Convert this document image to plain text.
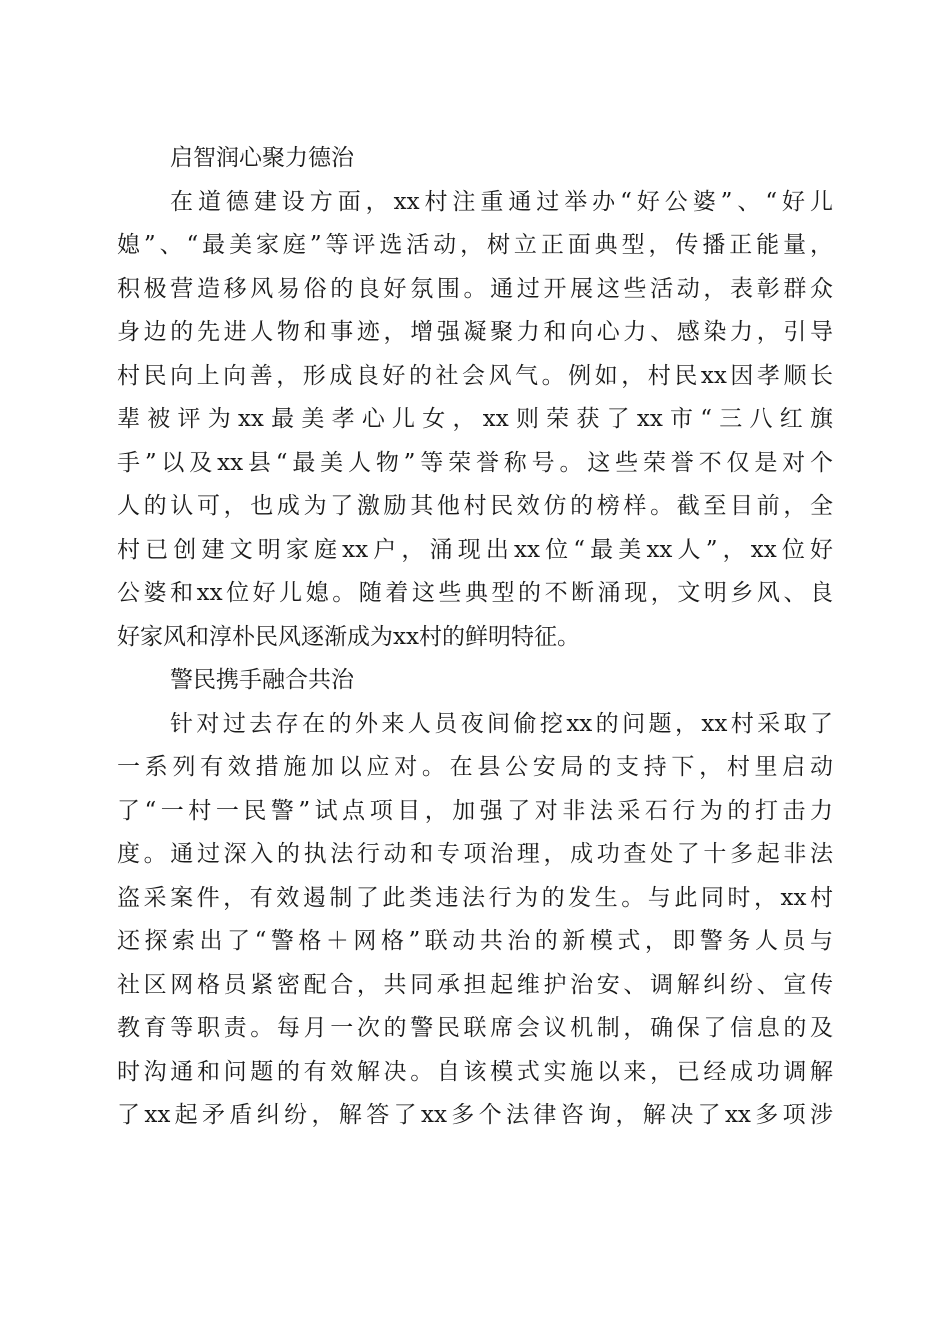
启智润心聚力德治
在道德建设方面，xx村注重通过举办“好公婆”、“好儿
媳”、“最美家庭”等评选活动，树立正面典型，传播正能量，
积极营造移风易俗的良好氛围。通过开展这些活动，表彰群众
身边的先进人物和事迹，增强凝聚力和向心力、感染力，引导
村民向上向善，形成良好的社会风气。例如，村民xx因孝顺长
辈被评为xx最美孝心儿女，xx则荣获了xx市“三八红旗
手”以及xx县“最美人物”等荣誉称号。这些荣誉不仅是对个
人的认可，也成为了激励其他村民效仿的榜样。截至目前，全
村已创建文明家庭xx户，涌现出xx位“最美xx人”，xx位好
公婆和xx位好儿媳。随着这些典型的不断涌现，文明乡风、良
好家风和淳朴民风逐渐成为xx村的鲜明特征。
警民携手融合共治
针对过去存在的外来人员夜间偷挖xx的问题，xx村采取了
一系列有效措施加以应对。在县公安局的支持下，村里启动
了“一村一民警”试点项目，加强了对非法采石行为的打击力
度。通过深入的执法行动和专项治理，成功查处了十多起非法
盗采案件，有效遏制了此类违法行为的发生。与此同时，xx村
还探索出了“警格＋网格”联动共治的新模式，即警务人员与
社区网格员紧密配合，共同承担起维护治安、调解纠纷、宣传
教育等职责。每月一次的警民联席会议机制，确保了信息的及
时沟通和问题的有效解决。自该模式实施以来，已经成功调解
了xx起矛盾纠纷，解答了xx多个法律咨询，解决了xx多项涉
